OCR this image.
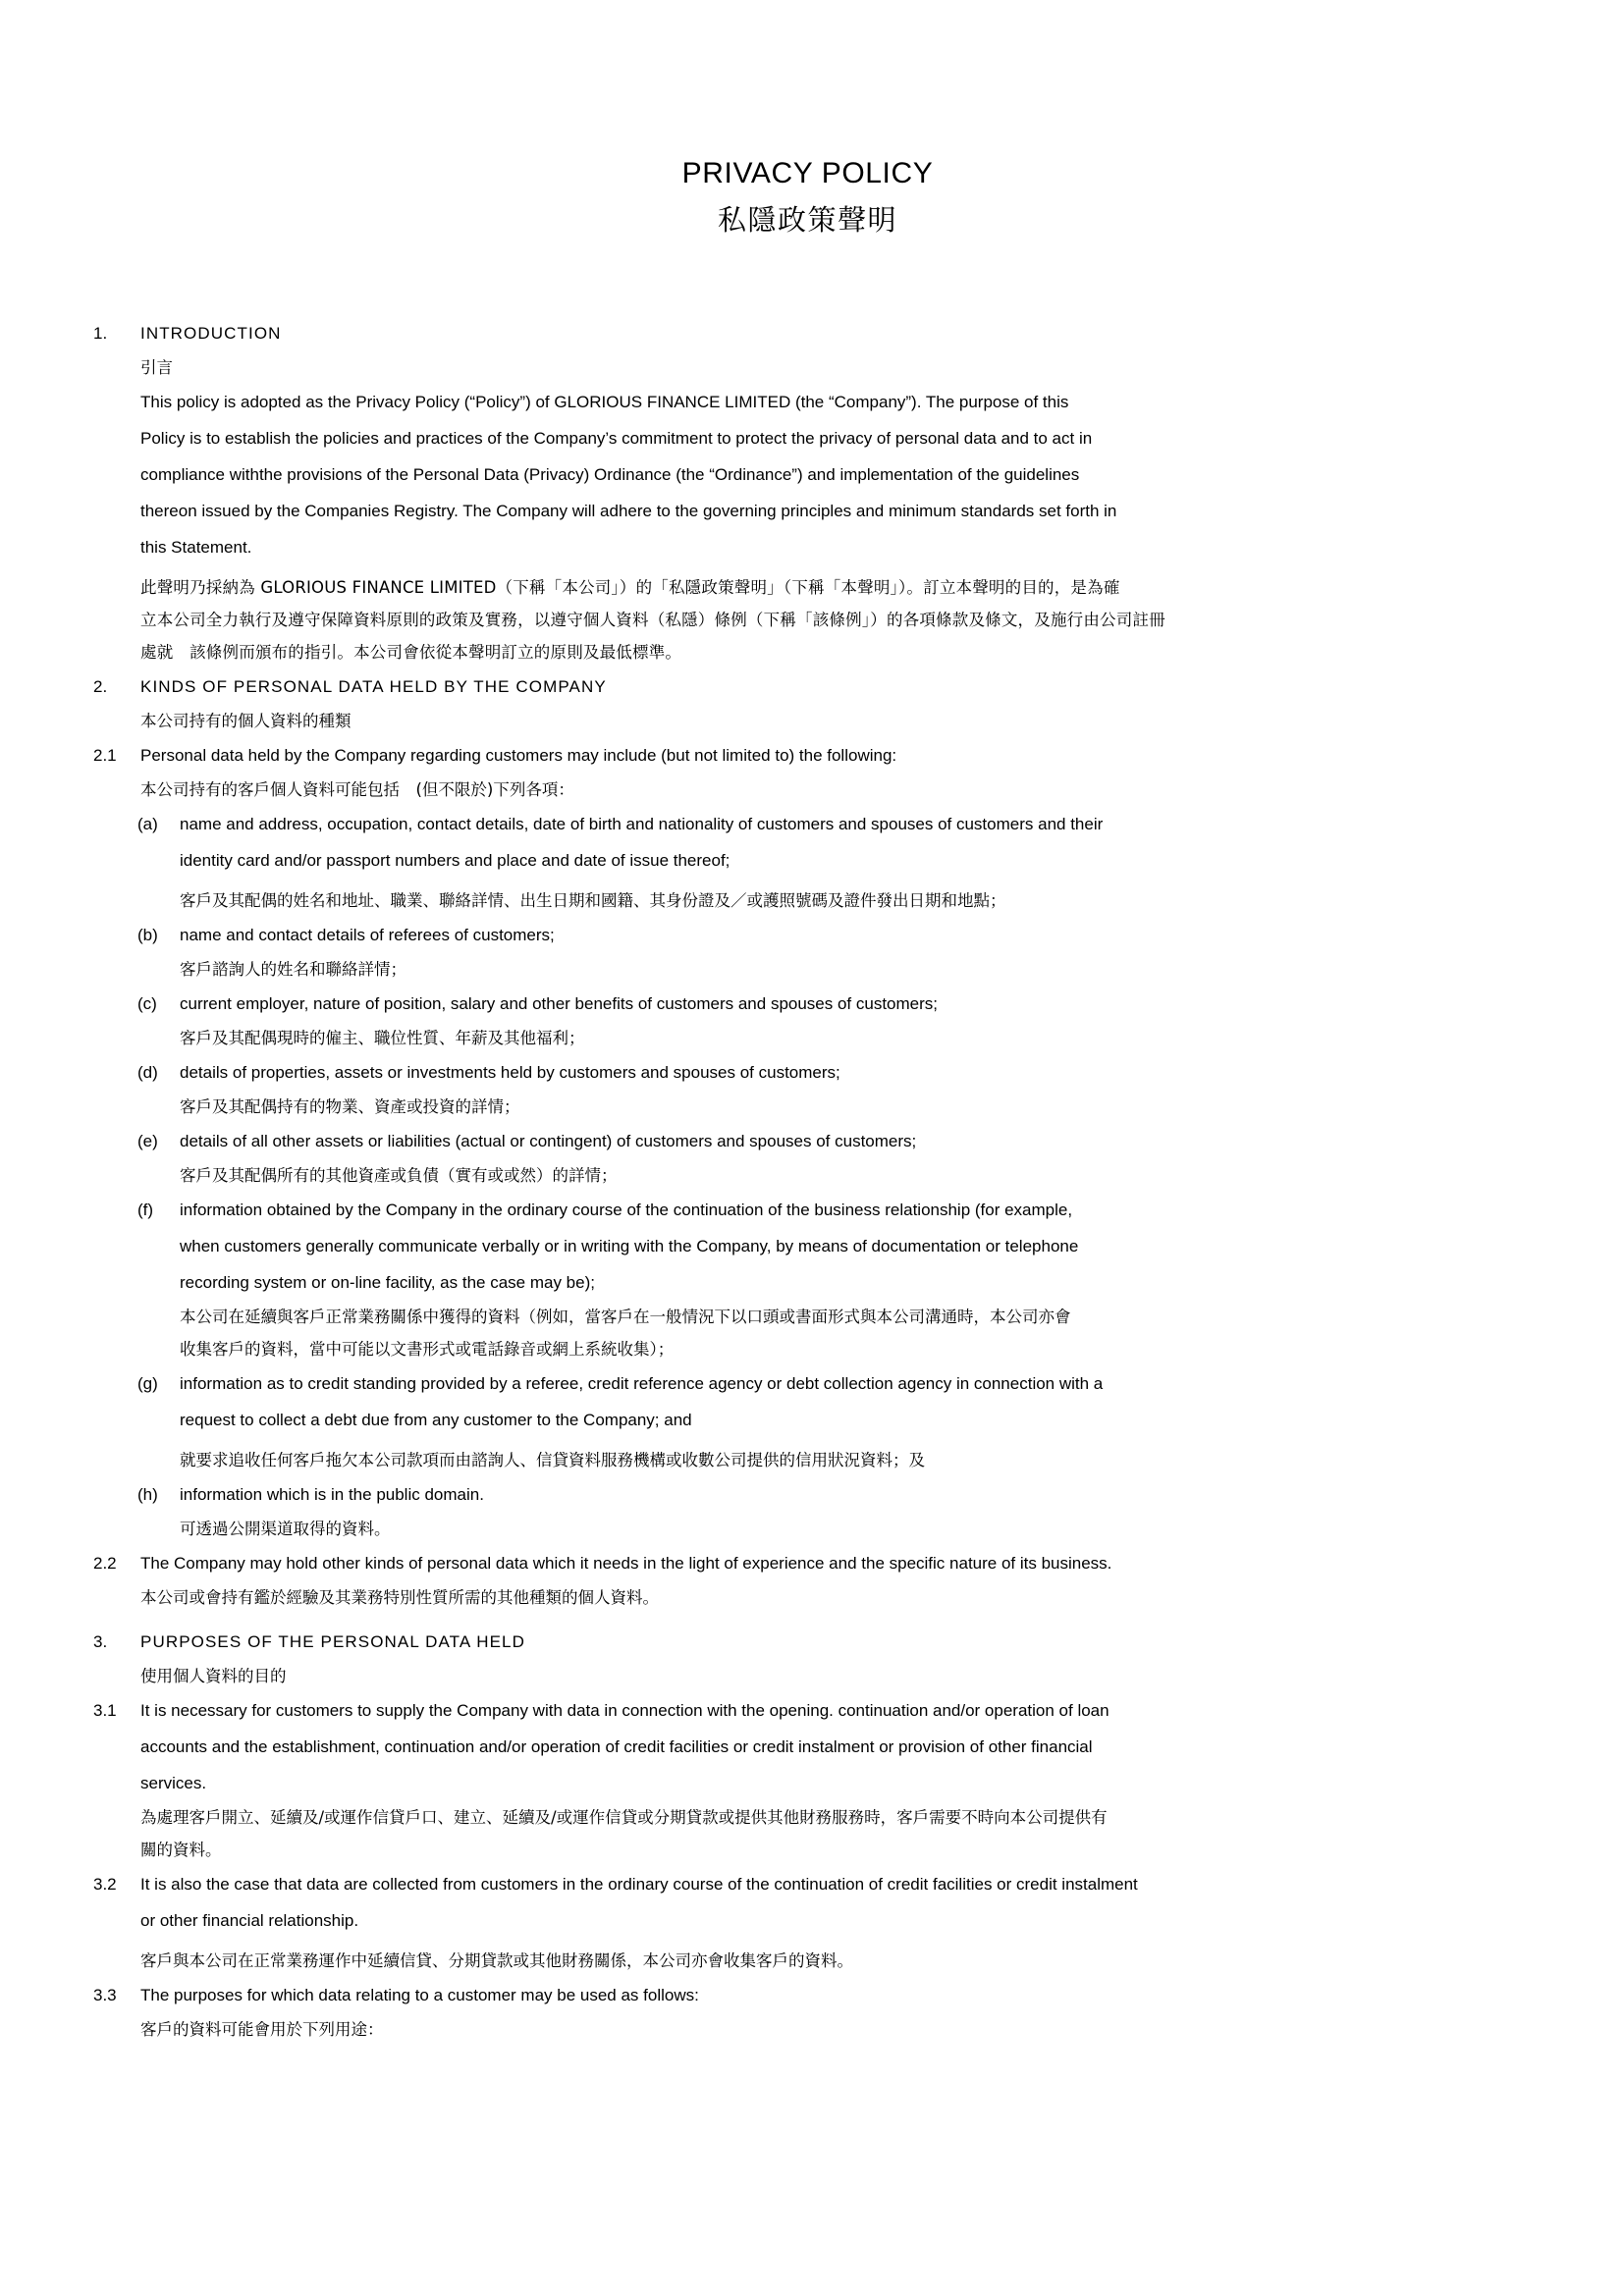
PRIVACY POLICY
私隱政策聲明
1.	INTRODUCTION
引言
This policy is adopted as the Privacy Policy (“Policy”) of GLORIOUS FINANCE LIMITED (the “Company”). The purpose of this
Policy is to establish the policies and practices of the Company’s commitment to protect the privacy of personal data and to act in
compliance withthe provisions of the Personal Data (Privacy) Ordinance (the “Ordinance”) and implementation of the guidelines
thereon issued by the Companies Registry. The Company will adhere to the governing principles and minimum standards set forth in
this Statement.
此聲明乃採納為 GLORIOUS FINANCE LIMITED（下稱「本公司」）的「私隱政策聲明」（下稱「本聲明」）。訂立本聲明的目的，是為確
立本公司全力執行及遵守保障資料原則的政策及實務，以遵守個人資料（私隱）條例（下稱「該條例」）的各項條款及條文，及施行由公司註冊
處就　該條例而頒布的指引。本公司會依從本聲明訂立的原則及最低標準。
2.	KINDS OF PERSONAL DATA HELD BY THE COMPANY
本公司持有的個人資料的種類
2.1	Personal data held by the Company regarding customers may include (but not limited to) the following:
本公司持有的客戶個人資料可能包括　(但不限於)下列各項：
(a)	name and address, occupation, contact details, date of birth and nationality of customers and spouses of customers and their
identity card and/or passport numbers and place and date of issue thereof;
客戶及其配偶的姓名和地址、職業、聯絡詳情、出生日期和國籍、其身份證及／或護照號碼及證件發出日期和地點；
(b)	name and contact details of referees of customers;
客戶諮詢人的姓名和聯絡詳情；
(c)	current employer, nature of position, salary and other benefits of customers and spouses of customers;
客戶及其配偶現時的僱主、職位性質、年薪及其他福利；
(d)	details of properties, assets or investments held by customers and spouses of customers;
客戶及其配偶持有的物業、資產或投資的詳情；
(e)	details of all other assets or liabilities (actual or contingent) of customers and spouses of customers;
客戶及其配偶所有的其他資產或負債（實有或或然）的詳情；
(f)	information obtained by the Company in the ordinary course of the continuation of the business relationship (for example,
when customers generally communicate verbally or in writing with the Company, by means of documentation or telephone
recording system or on-line facility, as the case may be);
本公司在延續與客戶正常業務關係中獲得的資料（例如，當客戶在一般情況下以口頭或書面形式與本公司溝通時，本公司亦會
收集客戶的資料，當中可能以文書形式或電話錄音或網上系統收集）；
(g)	information as to credit standing provided by a referee, credit reference agency or debt collection agency in connection with a
request to collect a debt due from any customer to the Company; and
就要求追收任何客戶拖欠本公司款項而由諮詢人、信貸資料服務機構或收數公司提供的信用狀況資料；及
(h)	information which is in the public domain.
可透過公開渠道取得的資料。
2.2	The Company may hold other kinds of personal data which it needs in the light of experience and the specific nature of its business.
本公司或會持有鑑於經驗及其業務特別性質所需的其他種類的個人資料。
3.	PURPOSES OF THE PERSONAL DATA HELD
使用個人資料的目的
3.1	It is necessary for customers to supply the Company with data in connection with the opening. continuation and/or operation of loan
accounts and the establishment, continuation and/or operation of credit facilities or credit instalment or provision of other financial
services.
為處理客戶開立、延續及/或運作信貸戶口、建立、延續及/或運作信貸或分期貸款或提供其他財務服務時，客戶需要不時向本公司提供有
關的資料。
3.2	It is also the case that data are collected from customers in the ordinary course of the continuation of credit facilities or credit instalment
or other financial relationship.
客戶與本公司在正常業務運作中延續信貸、分期貸款或其他財務關係，本公司亦會收集客戶的資料。
3.3	The purposes for which data relating to a customer may be used as follows:
客戶的資料可能會用於下列用途：
